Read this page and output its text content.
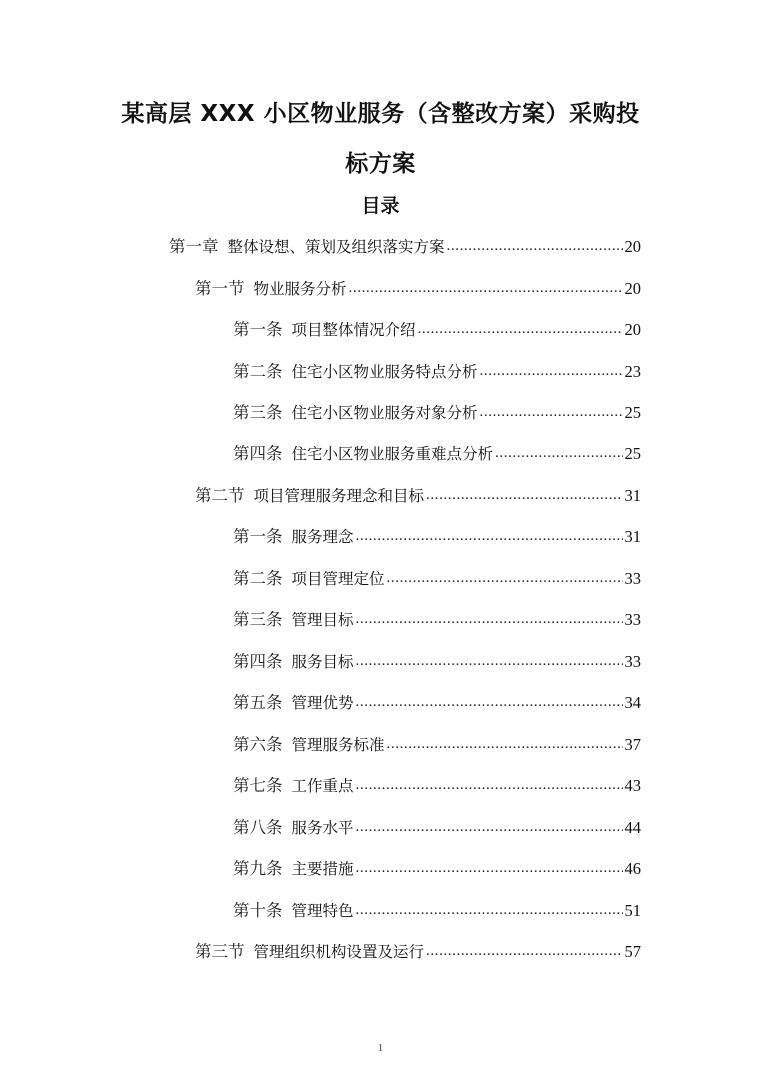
某高层 XXX 小区物业服务（含整改方案）采购投
标方案
目录
第一章 整体设想、策划及组织落实方案 .....	20
第一节 物业服务分析 .....	20
第一条 项目整体情况介绍 .....	20
第二条 住宅小区物业服务特点分析 .....	23
第三条 住宅小区物业服务对象分析 .....	25
第四条 住宅小区物业服务重难点分析 .....	25
第二节 项目管理服务理念和目标 .....	31
第一条 服务理念 .....	31
第二条 项目管理定位 .....	33
第三条 管理目标 .....	33
第四条 服务目标 .....	33
第五条 管理优势 .....	34
第六条 管理服务标准 .....	37
第七条 工作重点 .....	43
第八条 服务水平 .....	44
第九条 主要措施 .....	46
第十条 管理特色 .....	51
第三节 管理组织机构设置及运行 .....	57
1
